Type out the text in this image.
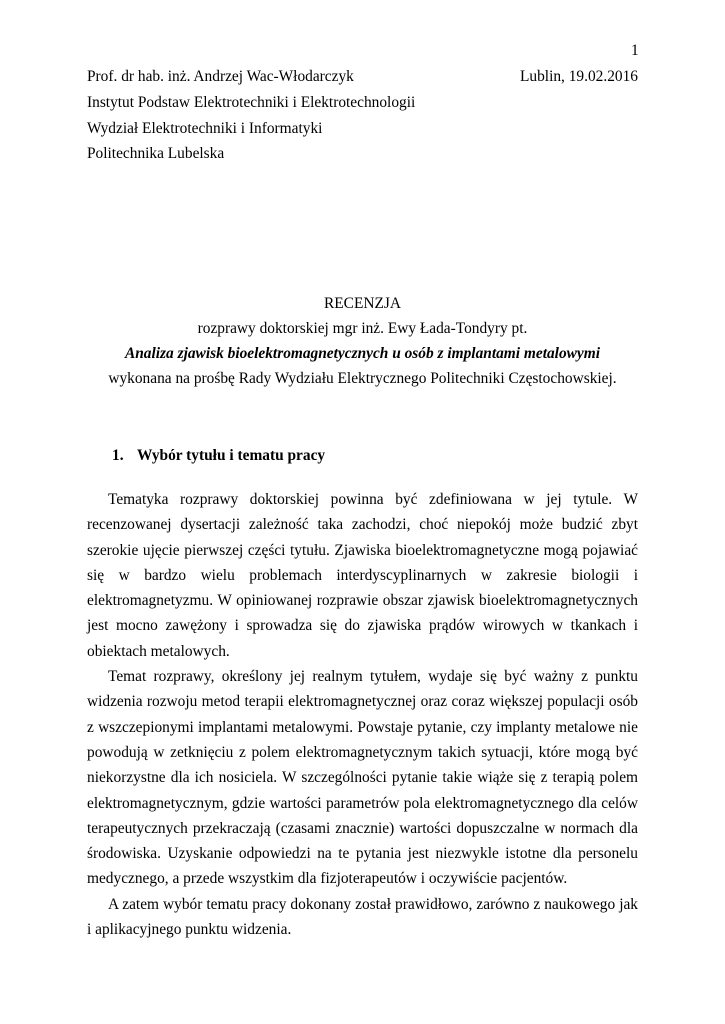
1
Prof. dr hab. inż. Andrzej Wac-Włodarczyk	Lublin, 19.02.2016
Instytut Podstaw Elektrotechniki i Elektrotechnologii
Wydział Elektrotechniki i Informatyki
Politechnika Lubelska
RECENZJA
rozprawy doktorskiej mgr inż. Ewy Łada-Tondyry pt.
Analiza zjawisk bioelektromagnetycznych u osób z implantami metalowymi
wykonana na prośbę Rady Wydziału Elektrycznego Politechniki Częstochowskiej.
1. Wybór tytułu i tematu pracy

Tematyka rozprawy doktorskiej powinna być zdefiniowana w jej tytule. W recenzowanej dysertacji zależność taka zachodzi, choć niepokój może budzić zbyt szerokie ujęcie pierwszej części tytułu. Zjawiska bioelektromagnetyczne mogą pojawiać się w bardzo wielu problemach interdyscyplinarnych w zakresie biologii i elektromagnetyzmu. W opiniowanej rozprawie obszar zjawisk bioelektromagnetycznych jest mocno zawężony i sprowadza się do zjawiska prądów wirowych w tkankach i obiektach metalowych.

Temat rozprawy, określony jej realnym tytułem, wydaje się być ważny z punktu widzenia rozwoju metod terapii elektromagnetycznej oraz coraz większej populacji osób z wszczepionymi implantami metalowymi. Powstaje pytanie, czy implanty metalowe nie powodują w zetknięciu z polem elektromagnetycznym takich sytuacji, które mogą być niekorzystne dla ich nosiciela. W szczególności pytanie takie wiąże się z terapią polem elektromagnetycznym, gdzie wartości parametrów pola elektromagnetycznego dla celów terapeutycznych przekraczają (czasami znacznie) wartości dopuszczalne w normach dla środowiska. Uzyskanie odpowiedzi na te pytania jest niezwykle istotne dla personelu medycznego, a przede wszystkim dla fizjoterapeutów i oczywiście pacjentów.

A zatem wybór tematu pracy dokonany został prawidłowo, zarówno z naukowego jak i aplikacyjnego punktu widzenia.
